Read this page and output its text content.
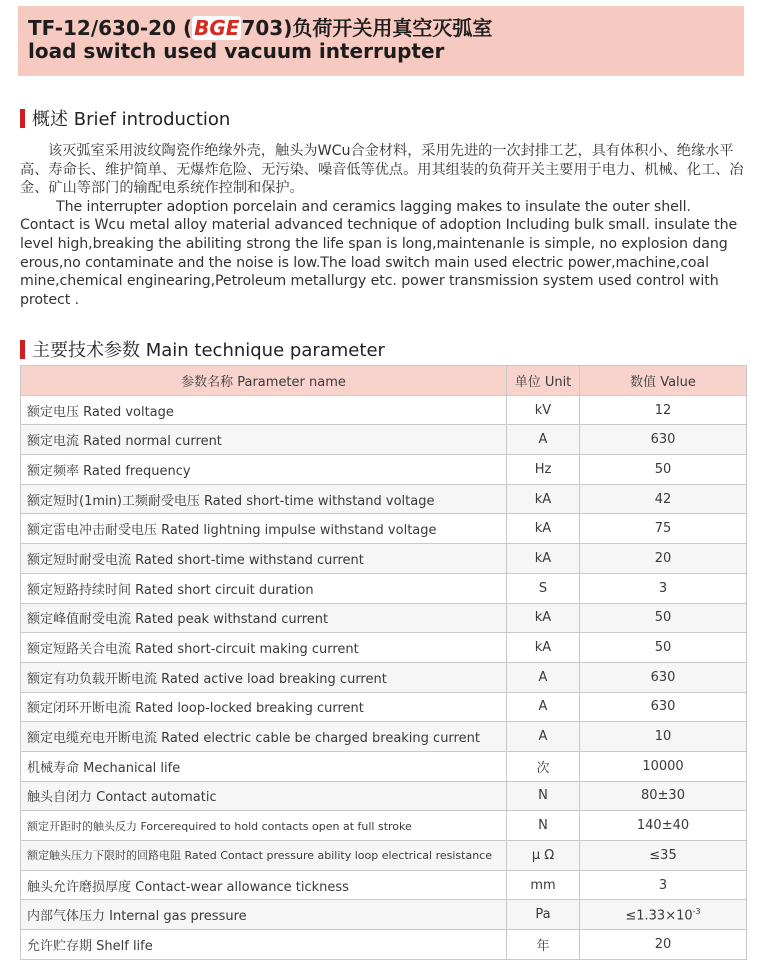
TF-12/630-20 ( BGE 703)负荷开关用真空灭弧室
load switch used vacuum interrupter
概述 Brief introduction

该灭弧室采用波纹陶瓷作绝缘外壳，触头为WCu合金材料，采用先进的一次封排工艺，具有体积小、绝缘水平高、寿命长、维护简单、无爆炸危险、无污染、噪音低等优点。用其组装的负荷开关主要用于电力、机械、化工、冶金、矿山等部门的输配电系统作控制和保护。

The interrupter adoption porcelain and ceramics lagging makes to insulate the outer shell. Contact is Wcu metal alloy material advanced technique of adoption Including bulk small. insulate the level high,breaking the abiliting strong the life span is long,maintenanle is simple, no explosion dang erous,no contaminate and the noise is low.The load switch main used electric power,machine,coal mine,chemical enginearing,Petroleum metallurgy etc. power transmission system used control with protect .

主要技术参数 Main technique parameter
参数名称 Parameter name	单位 Unit	数值 Value
额定电压 Rated voltage	kV	12
额定电流 Rated normal current	A	630
额定频率 Rated frequency	Hz	50
额定短时(1min)工频耐受电压 Rated short-time withstand voltage	kA	42
额定雷电冲击耐受电压 Rated lightning impulse withstand voltage	kA	75
额定短时耐受电流 Rated short-time withstand current	kA	20
额定短路持续时间 Rated short circuit duration	S	3
额定峰值耐受电流 Rated peak withstand current	kA	50
额定短路关合电流 Rated short-circuit making current	kA	50
额定有功负载开断电流 Rated active load breaking current	A	630
额定闭环开断电流 Rated loop-locked breaking current	A	630
额定电缆充电开断电流 Rated electric cable be charged breaking current	A	10
机械寿命 Mechanical life	次	10000
触头自闭力 Contact automatic	N	80±30
额定开距时的触头反力 Forcerequired to hold contacts open at full stroke	N	140±40
额定触头压力下限时的回路电阻 Rated Contact pressure ability loop electrical resistance	μ Ω	≤35
触头允许磨损厚度 Contact-wear allowance tickness	mm	3
内部气体压力 Internal gas pressure	Pa	$\le 1.33\times 10^{-3}$
允许贮存期 Shelf life	年	20
